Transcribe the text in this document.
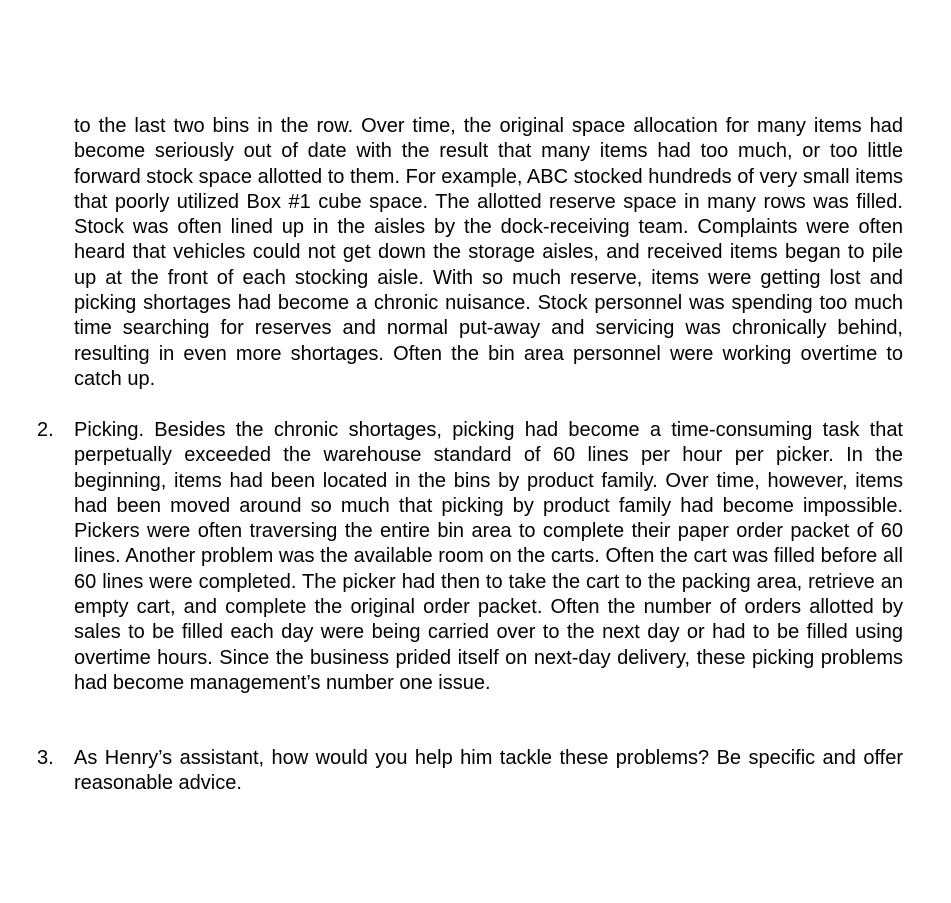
to the last two bins in the row. Over time, the original space allocation for many items had become seriously out of date with the result that many items had too much, or too little forward stock space allotted to them. For example, ABC stocked hundreds of very small items that poorly utilized Box #1 cube space. The allotted reserve space in many rows was filled. Stock was often lined up in the aisles by the dock-receiving team. Complaints were often heard that vehicles could not get down the storage aisles, and received items began to pile up at the front of each stocking aisle. With so much reserve, items were getting lost and picking shortages had become a chronic nuisance. Stock personnel was spending too much time searching for reserves and normal put-away and servicing was chronically behind, resulting in even more shortages. Often the bin area personnel were working overtime to catch up.

2. Picking. Besides the chronic shortages, picking had become a time-consuming task that perpetually exceeded the warehouse standard of 60 lines per hour per picker. In the beginning, items had been located in the bins by product family. Over time, however, items had been moved around so much that picking by product family had become impossible. Pickers were often traversing the entire bin area to complete their paper order packet of 60 lines. Another problem was the available room on the carts. Often the cart was filled before all 60 lines were completed. The picker had then to take the cart to the packing area, retrieve an empty cart, and complete the original order packet. Often the number of orders allotted by sales to be filled each day were being carried over to the next day or had to be filled using overtime hours. Since the business prided itself on next-day delivery, these picking problems had become management’s number one issue.

3. As Henry’s assistant, how would you help him tackle these problems? Be specific and offer reasonable advice.
